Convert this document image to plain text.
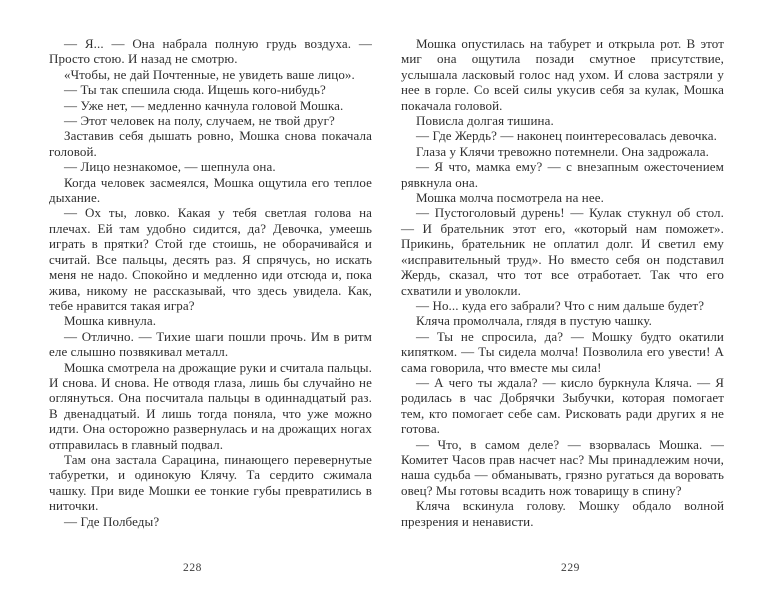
— Я... — Она набрала полную грудь воздуха. — Просто стою. И назад не смотрю.

«Чтобы, не дай Почтенные, не увидеть ваше лицо».

— Ты так спешила сюда. Ищешь кого-нибудь?

— Уже нет, — медленно качнула головой Мошка.

— Этот человек на полу, случаем, не твой друг?

Заставив себя дышать ровно, Мошка снова покачала головой.

— Лицо незнакомое, — шепнула она.

Когда человек засмеялся, Мошка ощутила его теплое дыхание.

— Ох ты, ловко. Какая у тебя светлая голова на плечах. Ей там удобно сидится, да? Девочка, умеешь играть в прятки? Стой где стоишь, не оборачивайся и считай. Все пальцы, десять раз. Я спрячусь, но искать меня не надо. Спокойно и медленно иди отсюда и, пока жива, никому не рассказывай, что здесь увидела. Как, тебе нравится такая игра?

Мошка кивнула.

— Отлично. — Тихие шаги пошли прочь. Им в ритм еле слышно позвякивал металл.

Мошка смотрела на дрожащие руки и считала пальцы. И снова. И снова. Не отводя глаза, лишь бы случайно не оглянуться. Она посчитала пальцы в одиннадцатый раз. В двенадцатый. И лишь тогда поняла, что уже можно идти. Она осторожно развернулась и на дрожащих ногах отправилась в главный подвал.

Там она застала Сарацина, пинающего перевернутые табуретки, и одинокую Клячу. Та сердито сжимала чашку. При виде Мошки ее тонкие губы превратились в ниточки.

— Где Полбеды?

228

Мошка опустилась на табурет и открыла рот. В этот миг она ощутила позади смутное присутствие, услышала ласковый голос над ухом. И слова застряли у нее в горле. Со всей силы укусив себя за кулак, Мошка покачала головой.

Повисла долгая тишина.

— Где Жердь? — наконец поинтересовалась девочка.

Глаза у Клячи тревожно потемнели. Она задрожала.

— Я что, мамка ему? — с внезапным ожесточением рявкнула она.

Мошка молча посмотрела на нее.

— Пустоголовый дурень! — Кулак стукнул об стол. — И брательник этот его, «который нам поможет». Прикинь, брательник не оплатил долг. И светил ему «исправительный труд». Но вместо себя он подставил Жердь, сказал, что тот все отработает. Так что его схватили и уволокли.

— Но... куда его забрали? Что с ним дальше будет?

Кляча промолчала, глядя в пустую чашку.

— Ты не спросила, да? — Мошку будто окатили кипятком. — Ты сидела молча! Позволила его увести! А сама говорила, что вместе мы сила!

— А чего ты ждала? — кисло буркнула Кляча. — Я родилась в час Добрячки Зыбучки, которая помогает тем, кто помогает себе сам. Рисковать ради других я не готова.

— Что, в самом деле? — взорвалась Мошка. — Комитет Часов прав насчет нас? Мы принадлежим ночи, наша судьба — обманывать, грязно ругаться да воровать овец? Мы готовы всадить нож товарищу в спину?

Кляча вскинула голову. Мошку обдало волной презрения и ненависти.

229
